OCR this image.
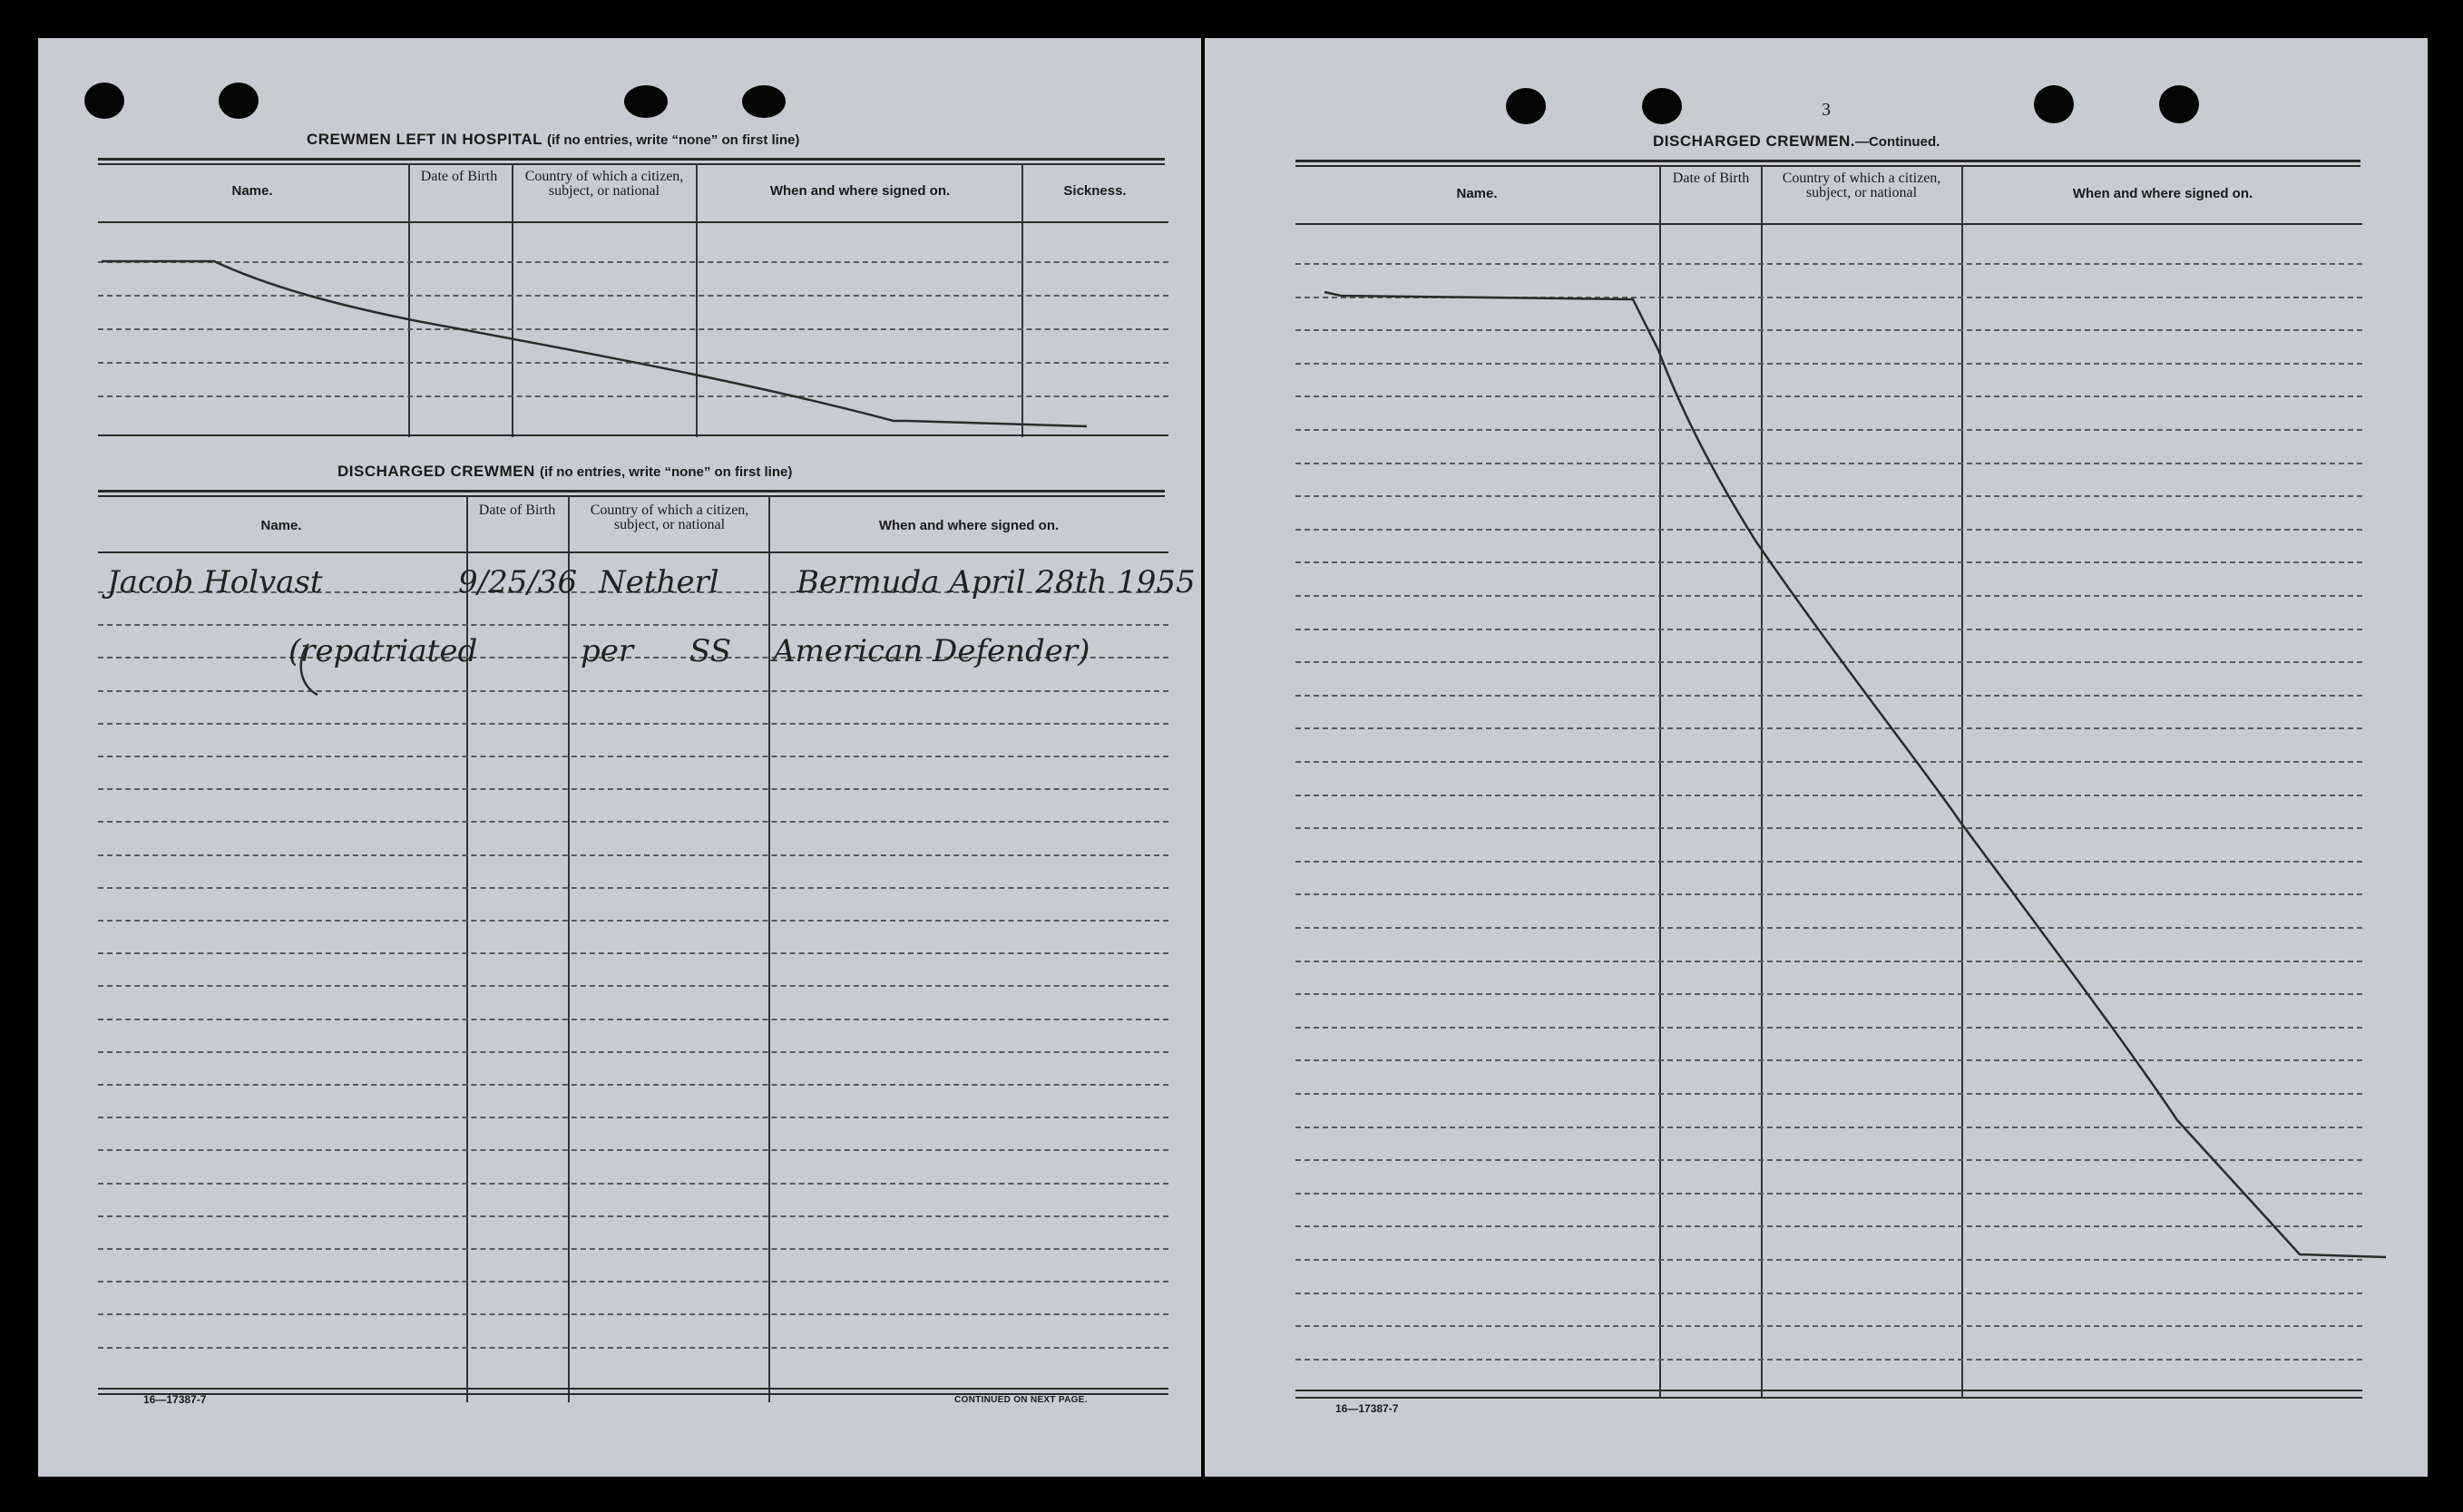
CREWMEN LEFT IN HOSPITAL (if no entries, write “none” on first line)
Name.
Date of Birth	Country of which a citizen, subject, or national	When and where signed on.	Sickness.
DISCHARGED CREWMEN (if no entries, write “none” on first line)
Name.
Date of Birth	Country of which a citizen, subject, or national	When and where signed on.
16—17387-7	CONTINUED ON NEXT PAGE.
Jacob Holvast	9/25/36 Netherl	Bermuda April 28th 1955
(repatriated	per SS American Defender)
3
DISCHARGED CREWMEN.—Continued.
Name.
Date of Birth	Country of which a citizen, subject, or national	When and where signed on.
16—17387-7
